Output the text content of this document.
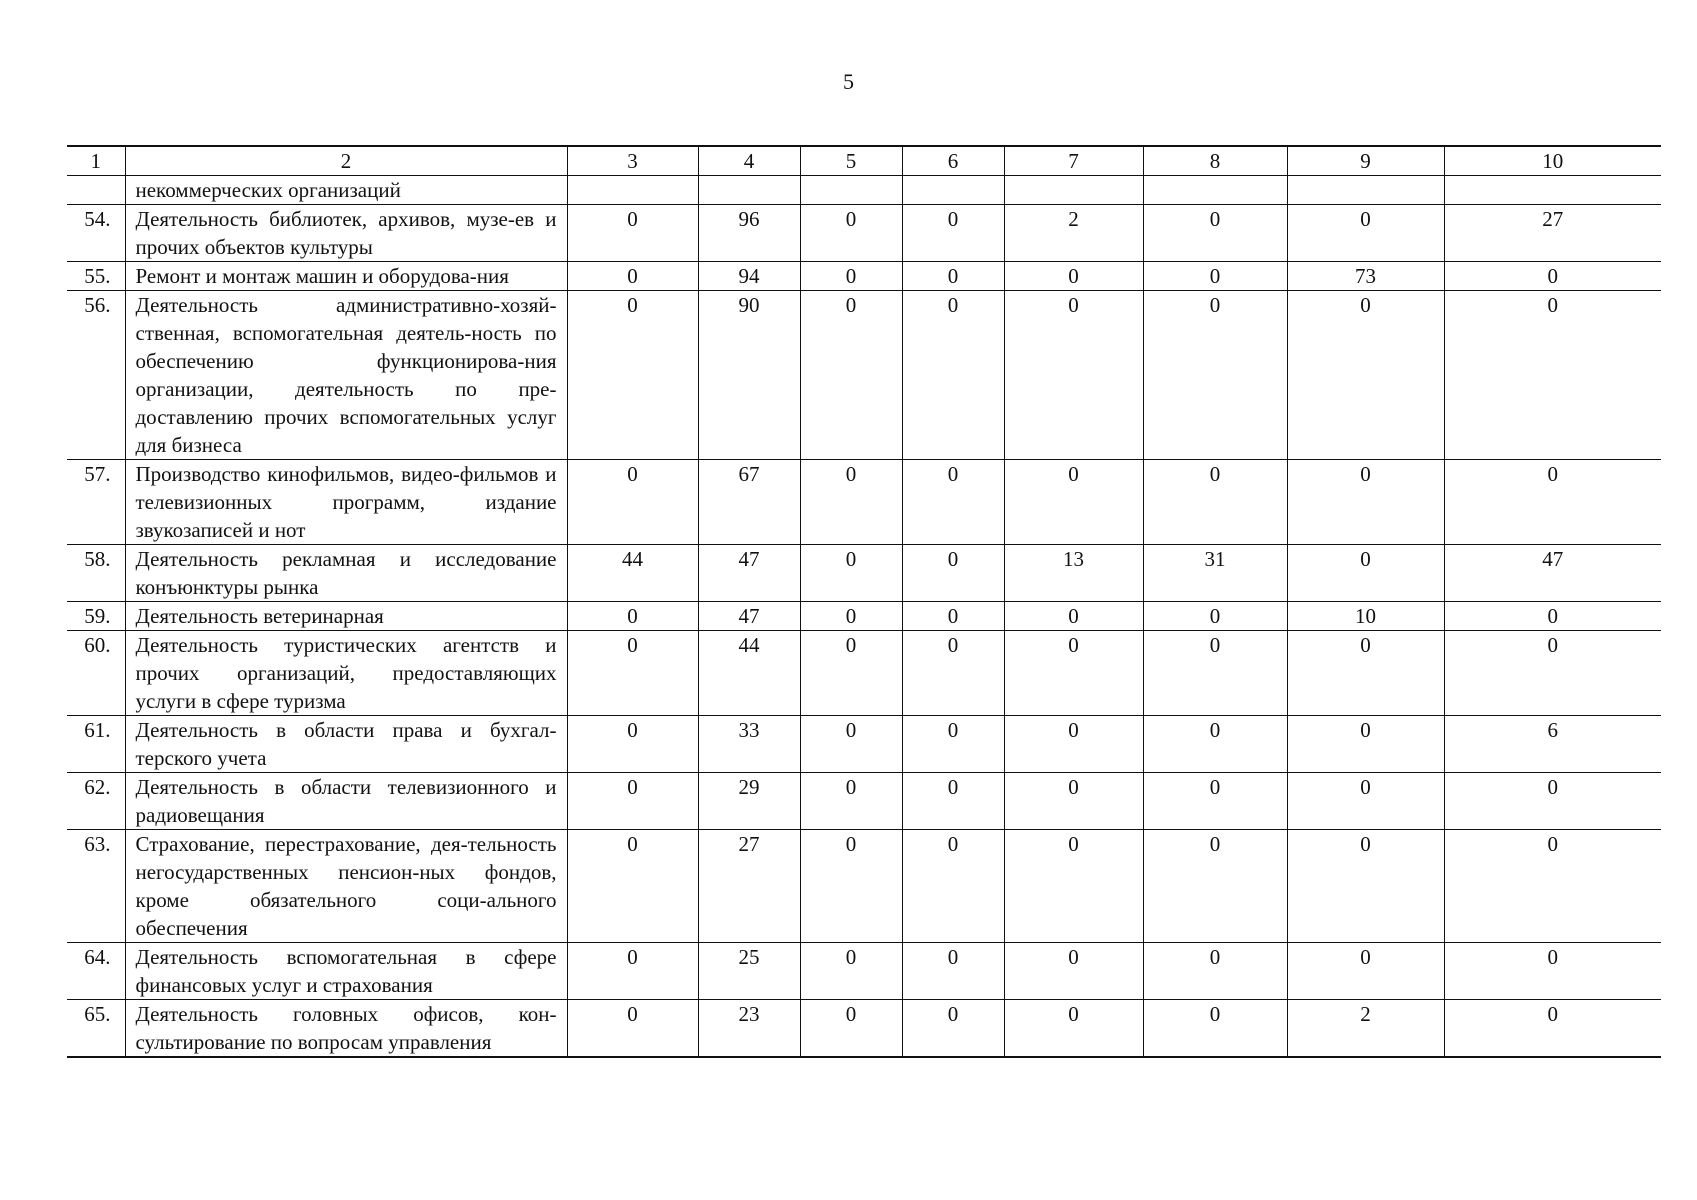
5
1	2	3	4	5	6	7	8	9	10
	некоммерческих организаций								
54.	Деятельность библиотек, архивов, музе-ев и прочих объектов культуры	0	96	0	0	2	0	0	27
55.	Ремонт и монтаж машин и оборудова-ния	0	94	0	0	0	0	73	0
56.	Деятельность административно-хозяй-ственная, вспомогательная деятель-ность по обеспечению функционирова-ния организации, деятельность по пре-доставлению прочих вспомогательных услуг для бизнеса	0	90	0	0	0	0	0	0
57.	Производство кинофильмов, видео-фильмов и телевизионных программ, издание звукозаписей и нот	0	67	0	0	0	0	0	0
58.	Деятельность рекламная и исследование конъюнктуры рынка	44	47	0	0	13	31	0	47
59.	Деятельность ветеринарная	0	47	0	0	0	0	10	0
60.	Деятельность туристических агентств и прочих организаций, предоставляющих услуги в сфере туризма	0	44	0	0	0	0	0	0
61.	Деятельность в области права и бухгал-терского учета	0	33	0	0	0	0	0	6
62.	Деятельность в области телевизионного и радиовещания	0	29	0	0	0	0	0	0
63.	Страхование, перестрахование, дея-тельность негосударственных пенсион-ных фондов, кроме обязательного соци-ального обеспечения	0	27	0	0	0	0	0	0
64.	Деятельность вспомогательная в сфере финансовых услуг и страхования	0	25	0	0	0	0	0	0
65.	Деятельность головных офисов, кон-сультирование по вопросам управления	0	23	0	0	0	0	2	0
